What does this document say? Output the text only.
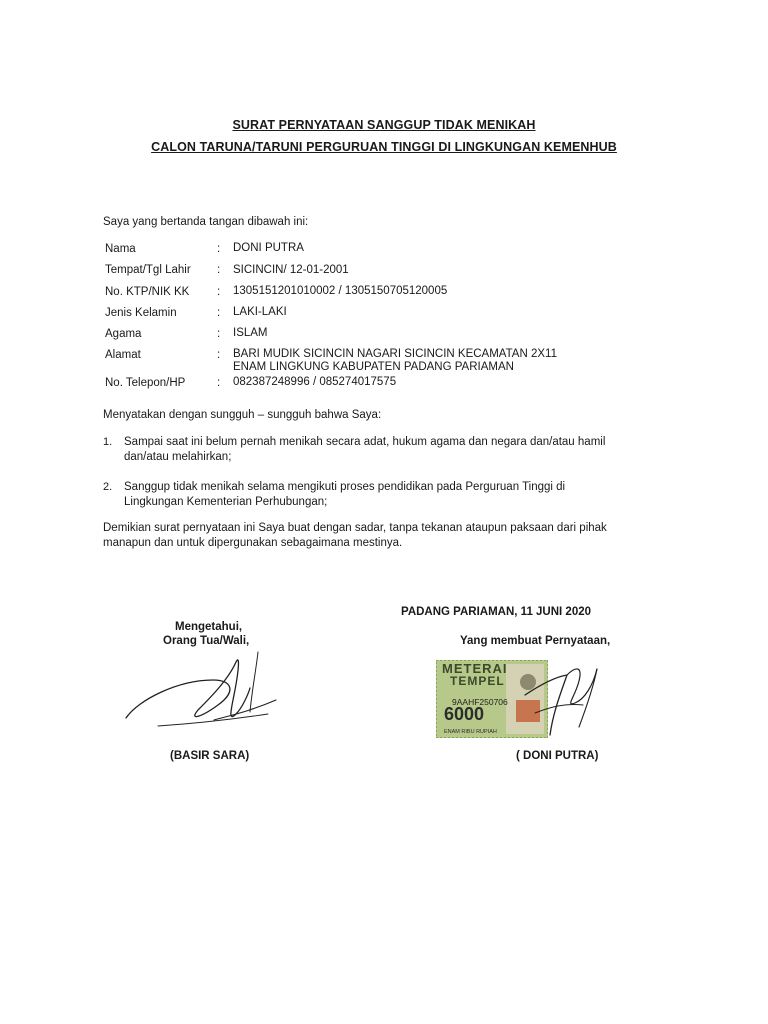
SURAT PERNYATAAN SANGGUP TIDAK MENIKAH
CALON TARUNA/TARUNI PERGURUAN TINGGI DI LINGKUNGAN KEMENHUB
Saya yang bertanda tangan dibawah ini:
Nama	: DONI PUTRA
Tempat/Tgl Lahir : SICINCIN/ 12-01-2001
No. KTP/NIK KK : 1305151201010002 / 1305150705120005
Jenis Kelamin	: LAKI-LAKI
Agama	: ISLAM
Alamat	: BARI MUDIK SICINCIN NAGARI SICINCIN KECAMATAN 2X11
ENAM LINGKUNG KABUPATEN PADANG PARIAMAN
No. Telepon/HP	: 082387248996 / 085274017575
Menyatakan dengan sungguh – sungguh bahwa Saya:
1. Sampai saat ini belum pernah menikah secara adat, hukum agama dan negara dan/atau hamil
dan/atau melahirkan;
2. Sanggup tidak menikah selama mengikuti proses pendidikan pada Perguruan Tinggi di
Lingkungan Kementerian Perhubungan;
Demikian surat pernyataan ini Saya buat dengan sadar, tanpa tekanan ataupun paksaan dari pihak
manapun dan untuk dipergunakan sebagaimana mestinya.
PADANG PARIAMAN, 11 JUNI 2020
Yang membuat Pernyataan,
Mengetahui,
Orang Tua/Wali,
METERAI
TEMPEL
9AAHF250706
6000
ENAM RIBU RUPIAH
(BASIR SARA)	( DONI PUTRA)
